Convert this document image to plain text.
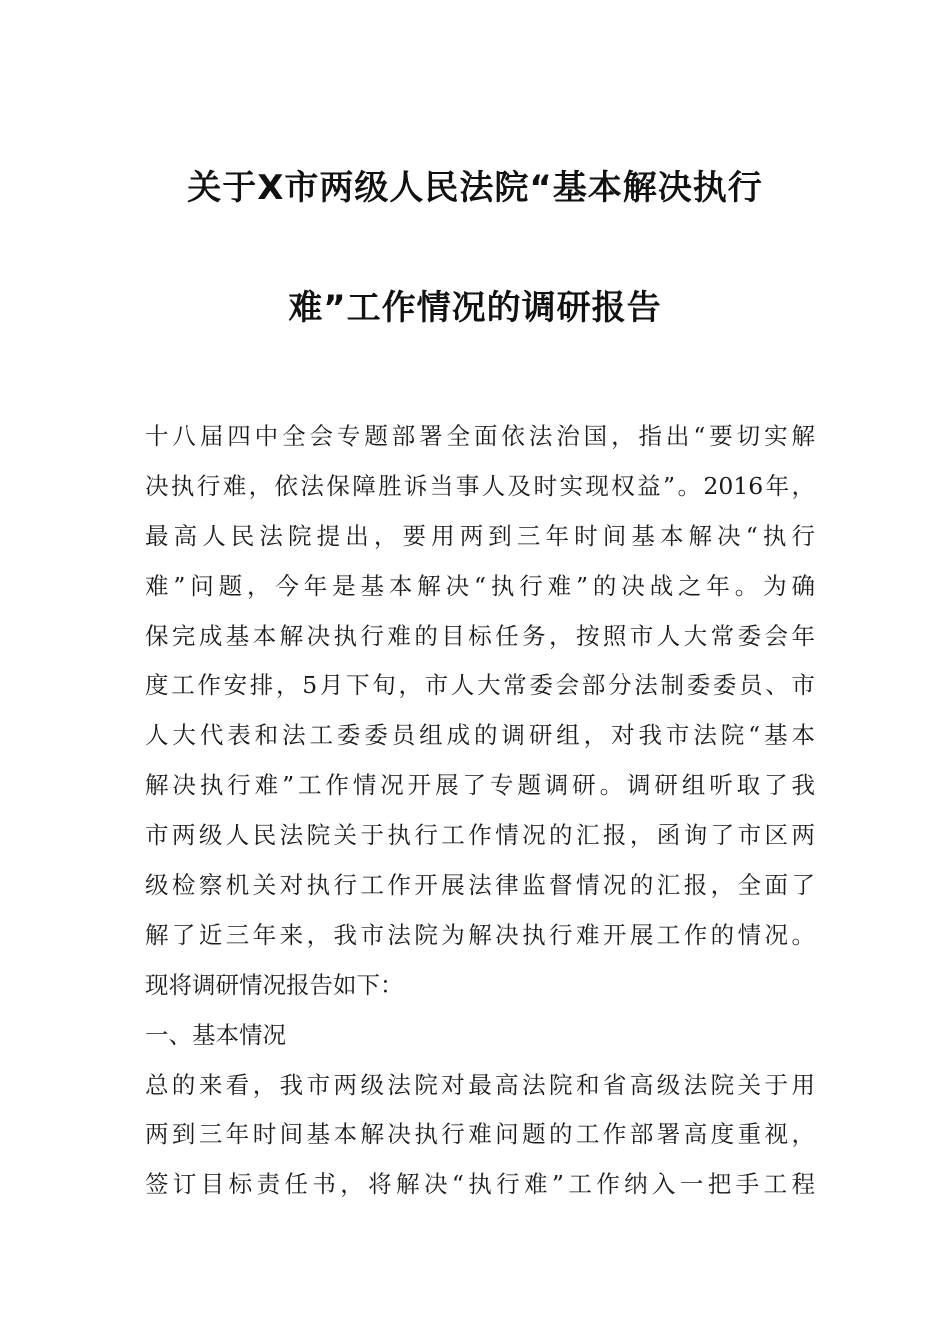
关于X市两级人民法院“基本解决执行
难”工作情况的调研报告
十八届四中全会专题部署全面依法治国，指出“要切实解
决执行难，依法保障胜诉当事人及时实现权益”。2016年，
最高人民法院提出，要用两到三年时间基本解决“执行
难”问题，今年是基本解决“执行难”的决战之年。为确
保完成基本解决执行难的目标任务，按照市人大常委会年
度工作安排，5月下旬，市人大常委会部分法制委委员、市
人大代表和法工委委员组成的调研组，对我市法院“基本
解决执行难”工作情况开展了专题调研。调研组听取了我
市两级人民法院关于执行工作情况的汇报，函询了市区两
级检察机关对执行工作开展法律监督情况的汇报，全面了
解了近三年来，我市法院为解决执行难开展工作的情况。
现将调研情况报告如下：
一、基本情况
总的来看，我市两级法院对最高法院和省高级法院关于用
两到三年时间基本解决执行难问题的工作部署高度重视，
签订目标责任书，将解决“执行难”工作纳入一把手工程
